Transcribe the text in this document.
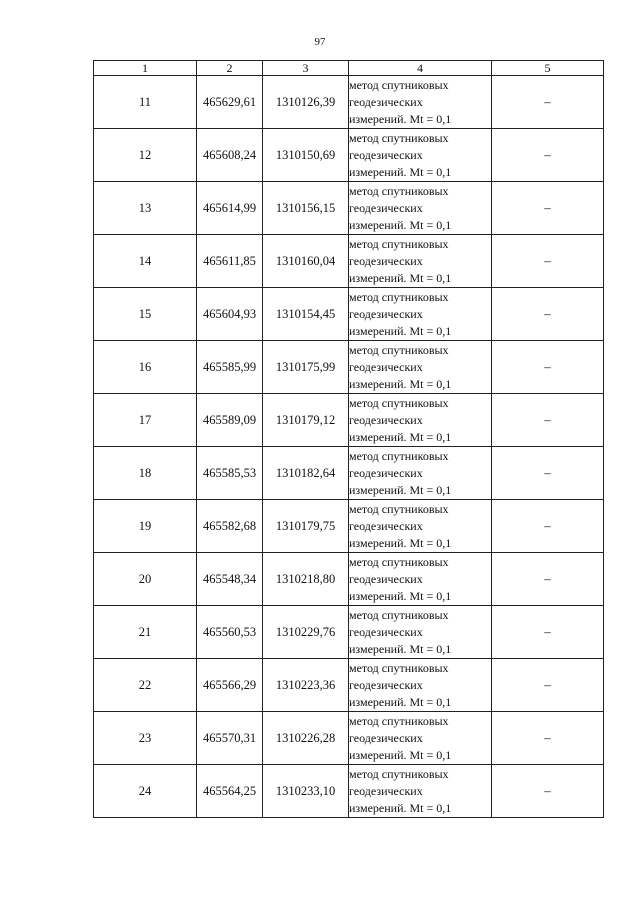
97
1	2	3	4	5
11	465629,61	1310126,39	метод спутниковых
геодезических
измерений. Mt = 0,1	–
12	465608,24	1310150,69	метод спутниковых
геодезических
измерений. Mt = 0,1	–
13	465614,99	1310156,15	метод спутниковых
геодезических
измерений. Mt = 0,1	–
14	465611,85	1310160,04	метод спутниковых
геодезических
измерений. Mt = 0,1	–
15	465604,93	1310154,45	метод спутниковых
геодезических
измерений. Mt = 0,1	–
16	465585,99	1310175,99	метод спутниковых
геодезических
измерений. Mt = 0,1	–
17	465589,09	1310179,12	метод спутниковых
геодезических
измерений. Mt = 0,1	–
18	465585,53	1310182,64	метод спутниковых
геодезических
измерений. Mt = 0,1	–
19	465582,68	1310179,75	метод спутниковых
геодезических
измерений. Mt = 0,1	–
20	465548,34	1310218,80	метод спутниковых
геодезических
измерений. Mt = 0,1	–
21	465560,53	1310229,76	метод спутниковых
геодезических
измерений. Mt = 0,1	–
22	465566,29	1310223,36	метод спутниковых
геодезических
измерений. Mt = 0,1	–
23	465570,31	1310226,28	метод спутниковых
геодезических
измерений. Mt = 0,1	–
24	465564,25	1310233,10	метод спутниковых
геодезических
измерений. Mt = 0,1	–
